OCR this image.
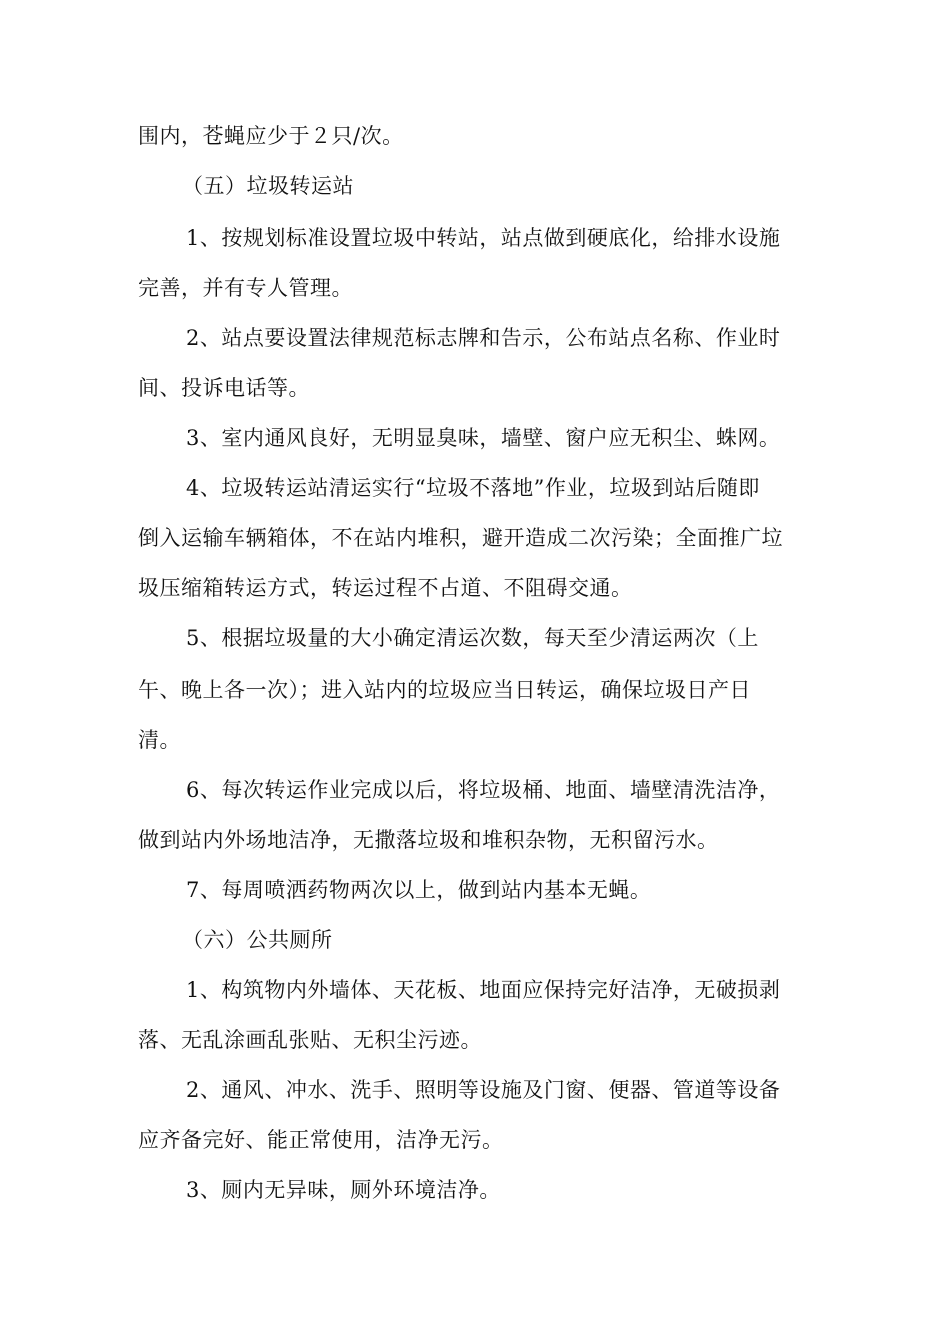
围内，苍蝇应少于２只/次。
（五）垃圾转运站
1、按规划标准设置垃圾中转站，站点做到硬底化，给排水设施
完善，并有专人管理。
2、站点要设置法律规范标志牌和告示，公布站点名称、作业时
间、投诉电话等。
3、室内通风良好，无明显臭味，墙壁、窗户应无积尘、蛛网。
4、垃圾转运站清运实行“垃圾不落地”作业，垃圾到站后随即
倒入运输车辆箱体，不在站内堆积，避开造成二次污染；全面推广垃
圾压缩箱转运方式，转运过程不占道、不阻碍交通。
5、根据垃圾量的大小确定清运次数，每天至少清运两次（上
午、晚上各一次）；进入站内的垃圾应当日转运，确保垃圾日产日
清。
6、每次转运作业完成以后，将垃圾桶、地面、墙壁清洗洁净，
做到站内外场地洁净，无撒落垃圾和堆积杂物，无积留污水。
7、每周喷洒药物两次以上，做到站内基本无蝇。
（六）公共厕所
1、构筑物内外墙体、天花板、地面应保持完好洁净，无破损剥
落、无乱涂画乱张贴、无积尘污迹。
2、通风、冲水、洗手、照明等设施及门窗、便器、管道等设备
应齐备完好、能正常使用，洁净无污。
3、厕内无异味，厕外环境洁净。
